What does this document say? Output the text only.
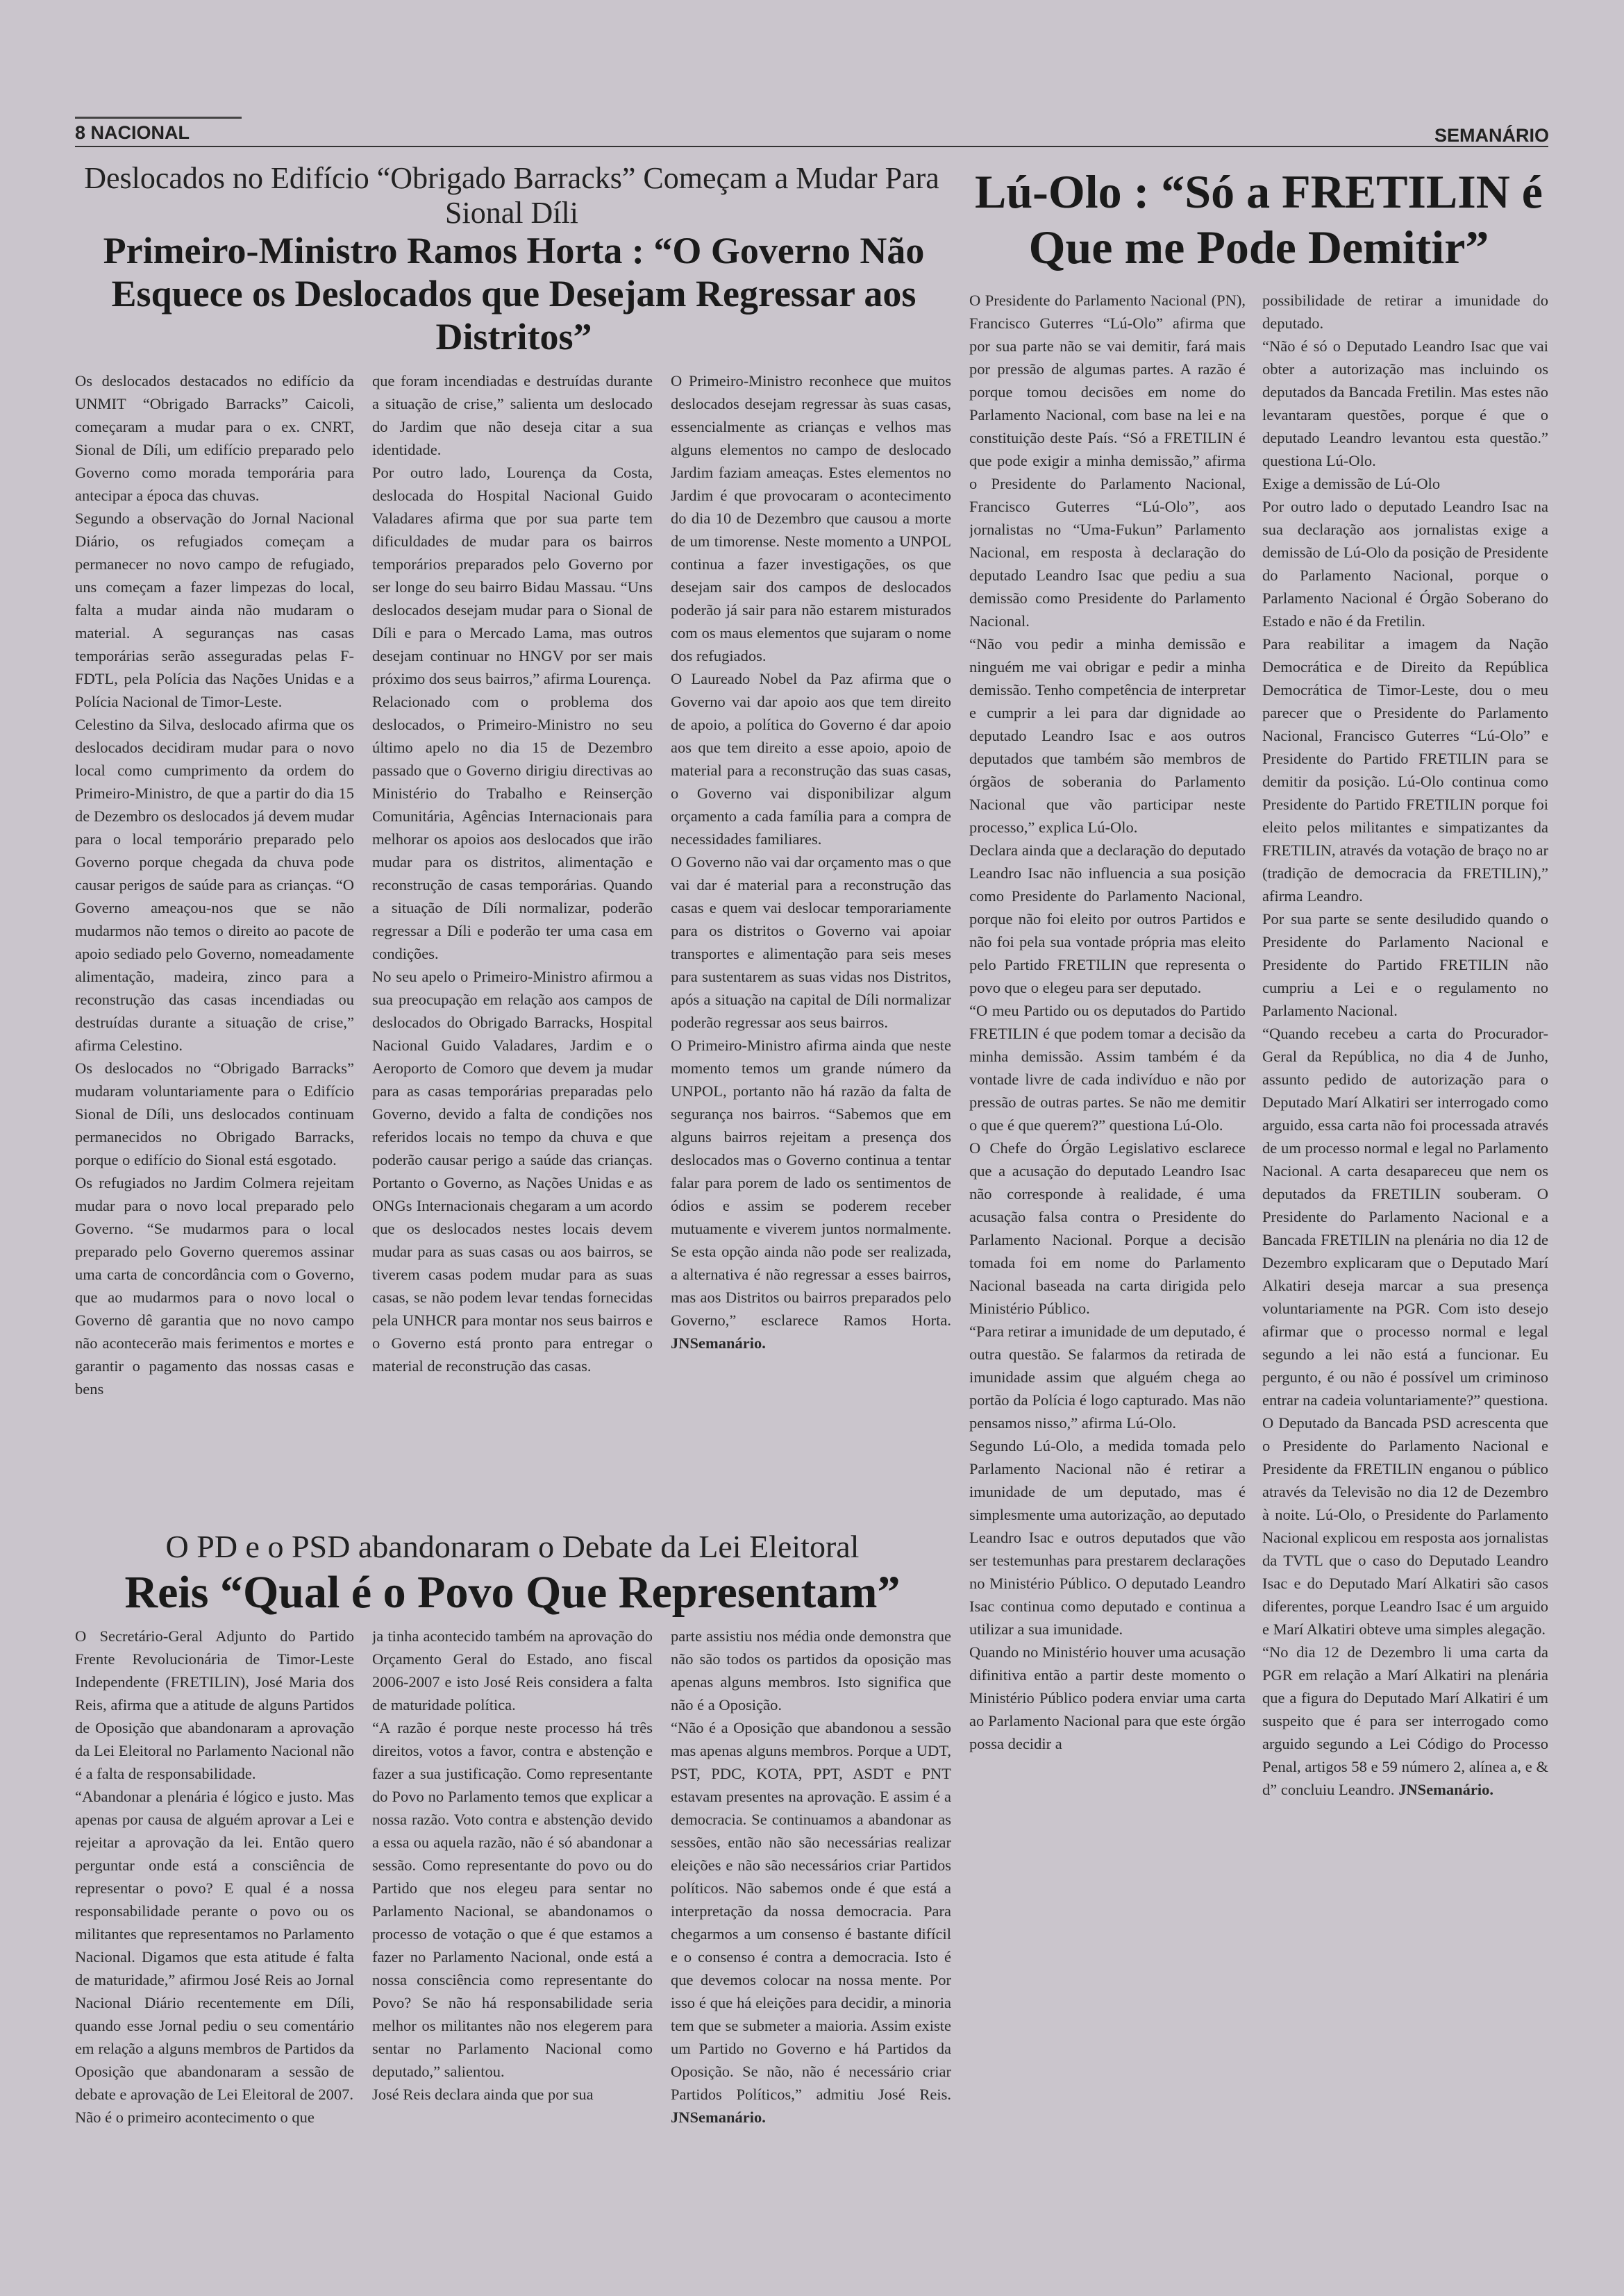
8 NACIONAL	SEMANÁRIO
Deslocados no Edifício “Obrigado Barracks” Começam a Mudar Para Sional Díli
Primeiro-Ministro Ramos Horta : “O Governo Não Esquece os Deslocados que Desejam Regressar aos Distritos”

Os deslocados destacados no edifício da UNMIT “Obrigado Barracks” Caicoli, começaram a mudar para o ex. CNRT, Sional de Díli, um edifício preparado pelo Governo como morada temporária para antecipar a época das chuvas.

Segundo a observação do Jornal Nacional Diário, os refugiados começam a permanecer no novo campo de refugiado, uns começam a fazer limpezas do local, falta a mudar ainda não mudaram o material. A seguranças nas casas temporárias serão asseguradas pelas F-FDTL, pela Polícia das Nações Unidas e a Polícia Nacional de Timor-Leste.

Celestino da Silva, deslocado afirma que os deslocados decidiram mudar para o novo local como cumprimento da ordem do Primeiro-Ministro, de que a partir do dia 15 de Dezembro os deslocados já devem mudar para o local temporário preparado pelo Governo porque chegada da chuva pode causar perigos de saúde para as crianças. “O Governo ameaçou-nos que se não mudarmos não temos o direito ao pacote de apoio sediado pelo Governo, nomeadamente alimentação, madeira, zinco para a reconstrução das casas incendiadas ou destruídas durante a situação de crise,” afirma Celestino.

Os deslocados no “Obrigado Barracks” mudaram voluntariamente para o Edifício Sional de Díli, uns deslocados continuam permanecidos no Obrigado Barracks, porque o edifício do Sional está esgotado.

Os refugiados no Jardim Colmera rejeitam mudar para o novo local preparado pelo Governo. “Se mudarmos para o local preparado pelo Governo queremos assinar uma carta de concordância com o Governo, que ao mudarmos para o novo local o Governo dê garantia que no novo campo não acontecerão mais ferimentos e mortes e garantir o pagamento das nossas casas e bens

que foram incendiadas e destruídas durante a situação de crise,” salienta um deslocado do Jardim que não deseja citar a sua identidade.

Por outro lado, Lourença da Costa, deslocada do Hospital Nacional Guido Valadares afirma que por sua parte tem dificuldades de mudar para os bairros temporários preparados pelo Governo por ser longe do seu bairro Bidau Massau. “Uns deslocados desejam mudar para o Sional de Díli e para o Mercado Lama, mas outros desejam continuar no HNGV por ser mais próximo dos seus bairros,” afirma Lourença.

Relacionado com o problema dos deslocados, o Primeiro-Ministro no seu último apelo no dia 15 de Dezembro passado que o Governo dirigiu directivas ao Ministério do Trabalho e Reinserção Comunitária, Agências Internacionais para melhorar os apoios aos deslocados que irão mudar para os distritos, alimentação e reconstrução de casas temporárias. Quando a situação de Díli normalizar, poderão regressar a Díli e poderão ter uma casa em condições.

No seu apelo o Primeiro-Ministro afirmou a sua preocupação em relação aos campos de deslocados do Obrigado Barracks, Hospital Nacional Guido Valadares, Jardim e o Aeroporto de Comoro que devem ja mudar para as casas temporárias preparadas pelo Governo, devido a falta de condições nos referidos locais no tempo da chuva e que poderão causar perigo a saúde das crianças. Portanto o Governo, as Nações Unidas e as ONGs Internacionais chegaram a um acordo que os deslocados nestes locais devem mudar para as suas casas ou aos bairros, se tiverem casas podem mudar para as suas casas, se não podem levar tendas fornecidas pela UNHCR para montar nos seus bairros e o Governo está pronto para entregar o material de reconstrução das casas.

O Primeiro-Ministro reconhece que muitos deslocados desejam regressar às suas casas, essencialmente as crianças e velhos mas alguns elementos no campo de deslocado Jardim faziam ameaças. Estes elementos no Jardim é que provocaram o acontecimento do dia 10 de Dezembro que causou a morte de um timorense. Neste momento a UNPOL continua a fazer investigações, os que desejam sair dos campos de deslocados poderão já sair para não estarem misturados com os maus elementos que sujaram o nome dos refugiados.

O Laureado Nobel da Paz afirma que o Governo vai dar apoio aos que tem direito de apoio, a política do Governo é dar apoio aos que tem direito a esse apoio, apoio de material para a reconstrução das suas casas, o Governo vai disponibilizar algum orçamento a cada família para a compra de necessidades familiares.

O Governo não vai dar orçamento mas o que vai dar é material para a reconstrução das casas e quem vai deslocar temporariamente para os distritos o Governo vai apoiar transportes e alimentação para seis meses para sustentarem as suas vidas nos Distritos, após a situação na capital de Díli normalizar poderão regressar aos seus bairros.

O Primeiro-Ministro afirma ainda que neste momento temos um grande número da UNPOL, portanto não há razão da falta de segurança nos bairros. “Sabemos que em alguns bairros rejeitam a presença dos deslocados mas o Governo continua a tentar falar para porem de lado os sentimentos de ódios e assim se poderem receber mutuamente e viverem juntos normalmente. Se esta opção ainda não pode ser realizada, a alternativa é não regressar a esses bairros, mas aos Distritos ou bairros preparados pelo Governo,” esclarece Ramos Horta. JNSemanário.

O PD e o PSD abandonaram o Debate da Lei Eleitoral
Reis “Qual é o Povo Que Representam”

O Secretário-Geral Adjunto do Partido Frente Revolucionária de Timor-Leste Independente (FRETILIN), José Maria dos Reis, afirma que a atitude de alguns Partidos de Oposição que abandonaram a aprovação da Lei Eleitoral no Parlamento Nacional não é a falta de responsabilidade.

“Abandonar a plenária é lógico e justo. Mas apenas por causa de alguém aprovar a Lei e rejeitar a aprovação da lei. Então quero perguntar onde está a consciência de representar o povo? E qual é a nossa responsabilidade perante o povo ou os militantes que representamos no Parlamento Nacional. Digamos que esta atitude é falta de maturidade,” afirmou José Reis ao Jornal Nacional Diário recentemente em Díli, quando esse Jornal pediu o seu comentário em relação a alguns membros de Partidos da Oposição que abandonaram a sessão de debate e aprovação de Lei Eleitoral de 2007.

Não é o primeiro acontecimento o que

ja tinha acontecido também na aprovação do Orçamento Geral do Estado, ano fiscal 2006-2007 e isto José Reis considera a falta de maturidade política.

“A razão é porque neste processo há três direitos, votos a favor, contra e abstenção e fazer a sua justificação. Como representante do Povo no Parlamento temos que explicar a nossa razão. Voto contra e abstenção devido a essa ou aquela razão, não é só abandonar a sessão. Como representante do povo ou do Partido que nos elegeu para sentar no Parlamento Nacional, se abandonamos o processo de votação o que é que estamos a fazer no Parlamento Nacional, onde está a nossa consciência como representante do Povo? Se não há responsabilidade seria melhor os militantes não nos elegerem para sentar no Parlamento Nacional como deputado,” salientou.

José Reis declara ainda que por sua

parte assistiu nos média onde demonstra que não são todos os partidos da oposição mas apenas alguns membros. Isto significa que não é a Oposição.

“Não é a Oposição que abandonou a sessão mas apenas alguns membros. Porque a UDT, PST, PDC, KOTA, PPT, ASDT e PNT estavam presentes na aprovação. E assim é a democracia. Se continuamos a abandonar as sessões, então não são necessárias realizar eleições e não são necessários criar Partidos políticos. Não sabemos onde é que está a interpretação da nossa democracia. Para chegarmos a um consenso é bastante difícil e o consenso é contra a democracia. Isto é que devemos colocar na nossa mente. Por isso é que há eleições para decidir, a minoria tem que se submeter a maioria. Assim existe um Partido no Governo e há Partidos da Oposição. Se não, não é necessário criar Partidos Políticos,” admitiu José Reis. JNSemanário.

Lú-Olo : “Só a FRETILIN é Que me Pode Demitir”

O Presidente do Parlamento Nacional (PN), Francisco Guterres “Lú-Olo” afirma que por sua parte não se vai demitir, fará mais por pressão de algumas partes. A razão é porque tomou decisões em nome do Parlamento Nacional, com base na lei e na constituição deste País. “Só a FRETILIN é que pode exigir a minha demissão,” afirma o Presidente do Parlamento Nacional, Francisco Guterres “Lú-Olo”, aos jornalistas no “Uma-Fukun” Parlamento Nacional, em resposta à declaração do deputado Leandro Isac que pediu a sua demissão como Presidente do Parlamento Nacional.

“Não vou pedir a minha demissão e ninguém me vai obrigar e pedir a minha demissão. Tenho competência de interpretar e cumprir a lei para dar dignidade ao deputado Leandro Isac e aos outros deputados que também são membros de órgãos de soberania do Parlamento Nacional que vão participar neste processo,” explica Lú-Olo.

Declara ainda que a declaração do deputado Leandro Isac não influencia a sua posição como Presidente do Parlamento Nacional, porque não foi eleito por outros Partidos e não foi pela sua vontade própria mas eleito pelo Partido FRETILIN que representa o povo que o elegeu para ser deputado.

“O meu Partido ou os deputados do Partido FRETILIN é que podem tomar a decisão da minha demissão. Assim também é da vontade livre de cada indivíduo e não por pressão de outras partes. Se não me demitir o que é que querem?” questiona Lú-Olo.

O Chefe do Órgão Legislativo esclarece que a acusação do deputado Leandro Isac não corresponde à realidade, é uma acusação falsa contra o Presidente do Parlamento Nacional. Porque a decisão tomada foi em nome do Parlamento Nacional baseada na carta dirigida pelo Ministério Público.

“Para retirar a imunidade de um deputado, é outra questão. Se falarmos da retirada de imunidade assim que alguém chega ao portão da Polícia é logo capturado. Mas não pensamos nisso,” afirma Lú-Olo.

Segundo Lú-Olo, a medida tomada pelo Parlamento Nacional não é retirar a imunidade de um deputado, mas é simplesmente uma autorização, ao deputado Leandro Isac e outros deputados que vão ser testemunhas para prestarem declarações no Ministério Público. O deputado Leandro Isac continua como deputado e continua a utilizar a sua imunidade.

Quando no Ministério houver uma acusação difinitiva então a partir deste momento o Ministério Público podera enviar uma carta ao Parlamento Nacional para que este órgão possa decidir a

possibilidade de retirar a imunidade do deputado.

“Não é só o Deputado Leandro Isac que vai obter a autorização mas incluindo os deputados da Bancada Fretilin. Mas estes não levantaram questões, porque é que o deputado Leandro levantou esta questão.” questiona Lú-Olo.

Exige a demissão de Lú-Olo

Por outro lado o deputado Leandro Isac na sua declaração aos jornalistas exige a demissão de Lú-Olo da posição de Presidente do Parlamento Nacional, porque o Parlamento Nacional é Órgão Soberano do Estado e não é da Fretilin.

Para reabilitar a imagem da Nação Democrática e de Direito da República Democrática de Timor-Leste, dou o meu parecer que o Presidente do Parlamento Nacional, Francisco Guterres “Lú-Olo” e Presidente do Partido FRETILIN para se demitir da posição. Lú-Olo continua como Presidente do Partido FRETILIN porque foi eleito pelos militantes e simpatizantes da FRETILIN, através da votação de braço no ar (tradição de democracia da FRETILIN),” afirma Leandro.

Por sua parte se sente desiludido quando o Presidente do Parlamento Nacional e Presidente do Partido FRETILIN não cumpriu a Lei e o regulamento no Parlamento Nacional.

“Quando recebeu a carta do Procurador-Geral da República, no dia 4 de Junho, assunto pedido de autorização para o Deputado Marí Alkatiri ser interrogado como arguido, essa carta não foi processada através de um processo normal e legal no Parlamento Nacional. A carta desapareceu que nem os deputados da FRETILIN souberam. O Presidente do Parlamento Nacional e a Bancada FRETILIN na plenária no dia 12 de Dezembro explicaram que o Deputado Marí Alkatiri deseja marcar a sua presença voluntariamente na PGR. Com isto desejo afirmar que o processo normal e legal segundo a lei não está a funcionar. Eu pergunto, é ou não é possível um criminoso entrar na cadeia voluntariamente?” questiona.

O Deputado da Bancada PSD acrescenta que o Presidente do Parlamento Nacional e Presidente da FRETILIN enganou o público através da Televisão no dia 12 de Dezembro à noite. Lú-Olo, o Presidente do Parlamento Nacional explicou em resposta aos jornalistas da TVTL que o caso do Deputado Leandro Isac e do Deputado Marí Alkatiri são casos diferentes, porque Leandro Isac é um arguido e Marí Alkatiri obteve uma simples alegação.

“No dia 12 de Dezembro li uma carta da PGR em relação a Marí Alkatiri na plenária que a figura do Deputado Marí Alkatiri é um suspeito que é para ser interrogado como arguido segundo a Lei Código do Processo Penal, artigos 58 e 59 número 2, alínea a, e & d” concluiu Leandro. JNSemanário.
